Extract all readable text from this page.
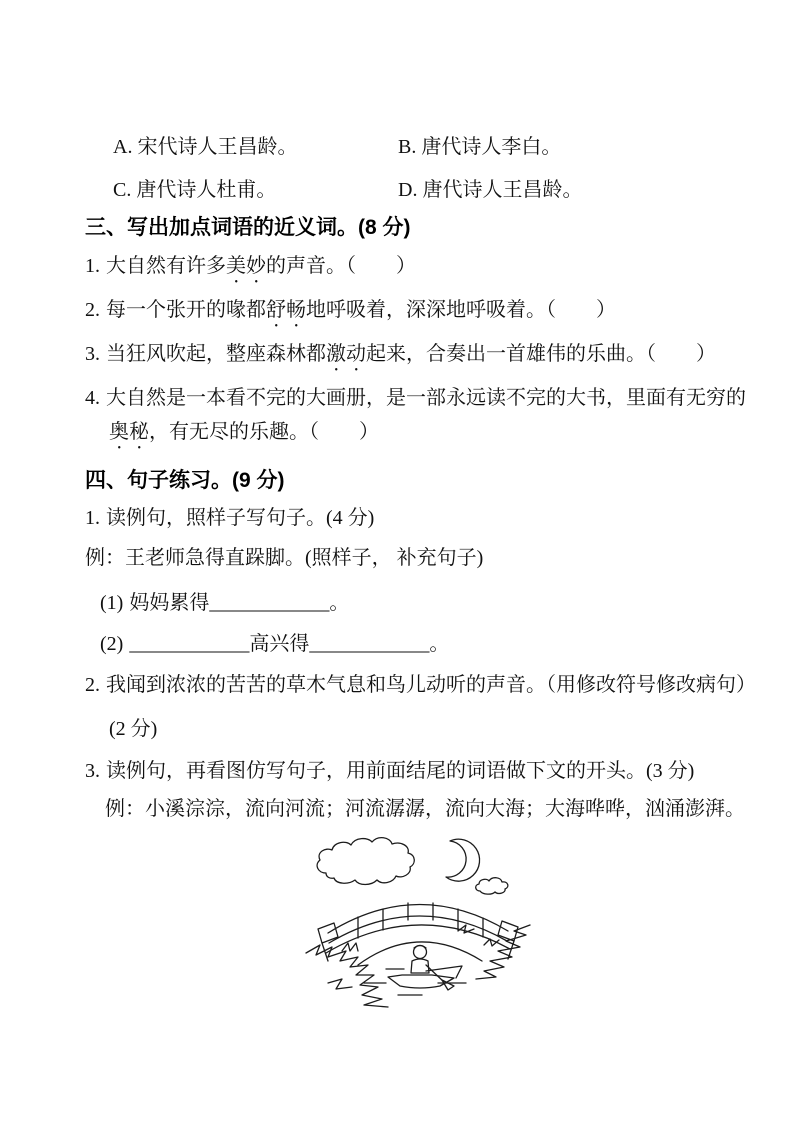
A. 宋代诗人王昌龄。	B. 唐代诗人李白。
C. 唐代诗人杜甫。	D. 唐代诗人王昌龄。
三、写出加点词语的近义词。(8 分)
1. 大自然有许多美妙的声音。（　　）
2. 每一个张开的喙都舒畅地呼吸着，深深地呼吸着。（　　）
3. 当狂风吹起，整座森林都激动起来，合奏出一首雄伟的乐曲。（　　）
4. 大自然是一本看不完的大画册，是一部永远读不完的大书，里面有无穷的
奥秘，有无尽的乐趣。（　　）
四、句子练习。(9 分)
1. 读例句，照样子写句子。(4 分)
例：王老师急得直跺脚。(照样子， 补充句子)
(1) 妈妈累得____________。
(2) ____________高兴得____________。
2. 我闻到浓浓的苦苦的草木气息和鸟儿动听的声音。（用修改符号修改病句）
(2 分)
3. 读例句，再看图仿写句子，用前面结尾的词语做下文的开头。(3 分)
例：小溪淙淙，流向河流；河流潺潺，流向大海；大海哗哗，汹涌澎湃。
